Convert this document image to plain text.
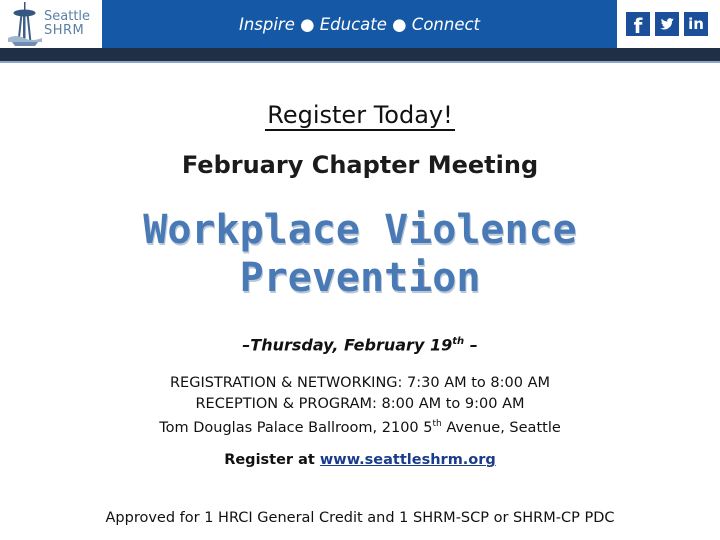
Seattle
SHRM	Inspire ● Educate ● Connect	f	in
Register Today!
February Chapter Meeting
Workplace Violence
Prevention
–Thursday, February 19th –
REGISTRATION & NETWORKING: 7:30 AM to 8:00 AM
RECEPTION & PROGRAM: 8:00 AM to 9:00 AM
Tom Douglas Palace Ballroom, 2100 5th Avenue, Seattle
Register at www.seattleshrm.org
Approved for 1 HRCI General Credit and 1 SHRM-SCP or SHRM-CP PDC
